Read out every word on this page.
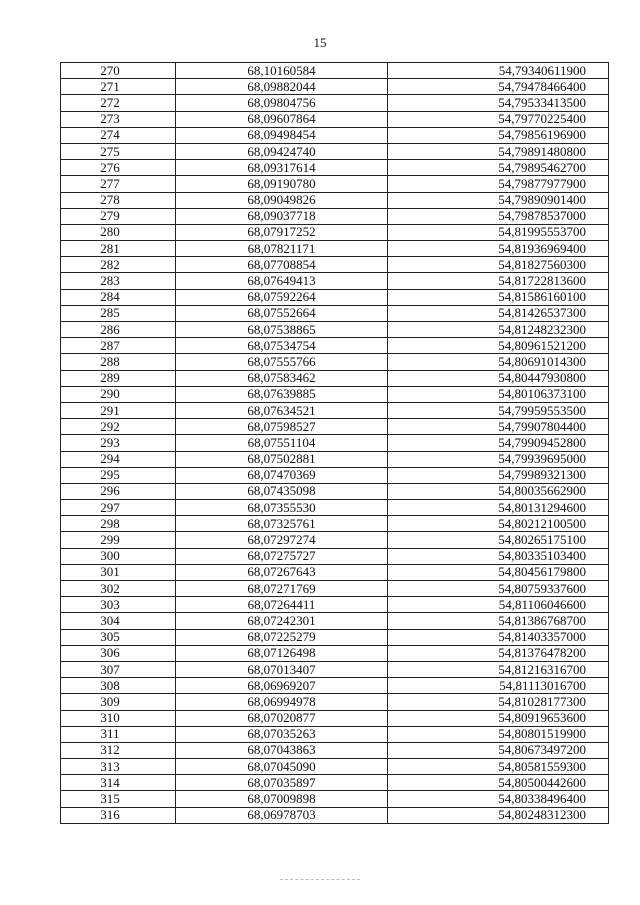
15
270	68,10160584	54,79340611900
271	68,09882044	54,79478466400
272	68,09804756	54,79533413500
273	68,09607864	54,79770225400
274	68,09498454	54,79856196900
275	68,09424740	54,79891480800
276	68,09317614	54,79895462700
277	68,09190780	54,79877977900
278	68,09049826	54,79890901400
279	68,09037718	54,79878537000
280	68,07917252	54,81995553700
281	68,07821171	54,81936969400
282	68,07708854	54,81827560300
283	68,07649413	54,81722813600
284	68,07592264	54,81586160100
285	68,07552664	54,81426537300
286	68,07538865	54,81248232300
287	68,07534754	54,80961521200
288	68,07555766	54,80691014300
289	68,07583462	54,80447930800
290	68,07639885	54,80106373100
291	68,07634521	54,79959553500
292	68,07598527	54,79907804400
293	68,07551104	54,79909452800
294	68,07502881	54,79939695000
295	68,07470369	54,79989321300
296	68,07435098	54,80035662900
297	68,07355530	54,80131294600
298	68,07325761	54,80212100500
299	68,07297274	54,80265175100
300	68,07275727	54,80335103400
301	68,07267643	54,80456179800
302	68,07271769	54,80759337600
303	68,07264411	54,81106046600
304	68,07242301	54,81386768700
305	68,07225279	54,81403357000
306	68,07126498	54,81376478200
307	68,07013407	54,81216316700
308	68,06969207	54,81113016700
309	68,06994978	54,81028177300
310	68,07020877	54,80919653600
311	68,07035263	54,80801519900
312	68,07043863	54,80673497200
313	68,07045090	54,80581559300
314	68,07035897	54,80500442600
315	68,07009898	54,80338496400
316	68,06978703	54,80248312300
